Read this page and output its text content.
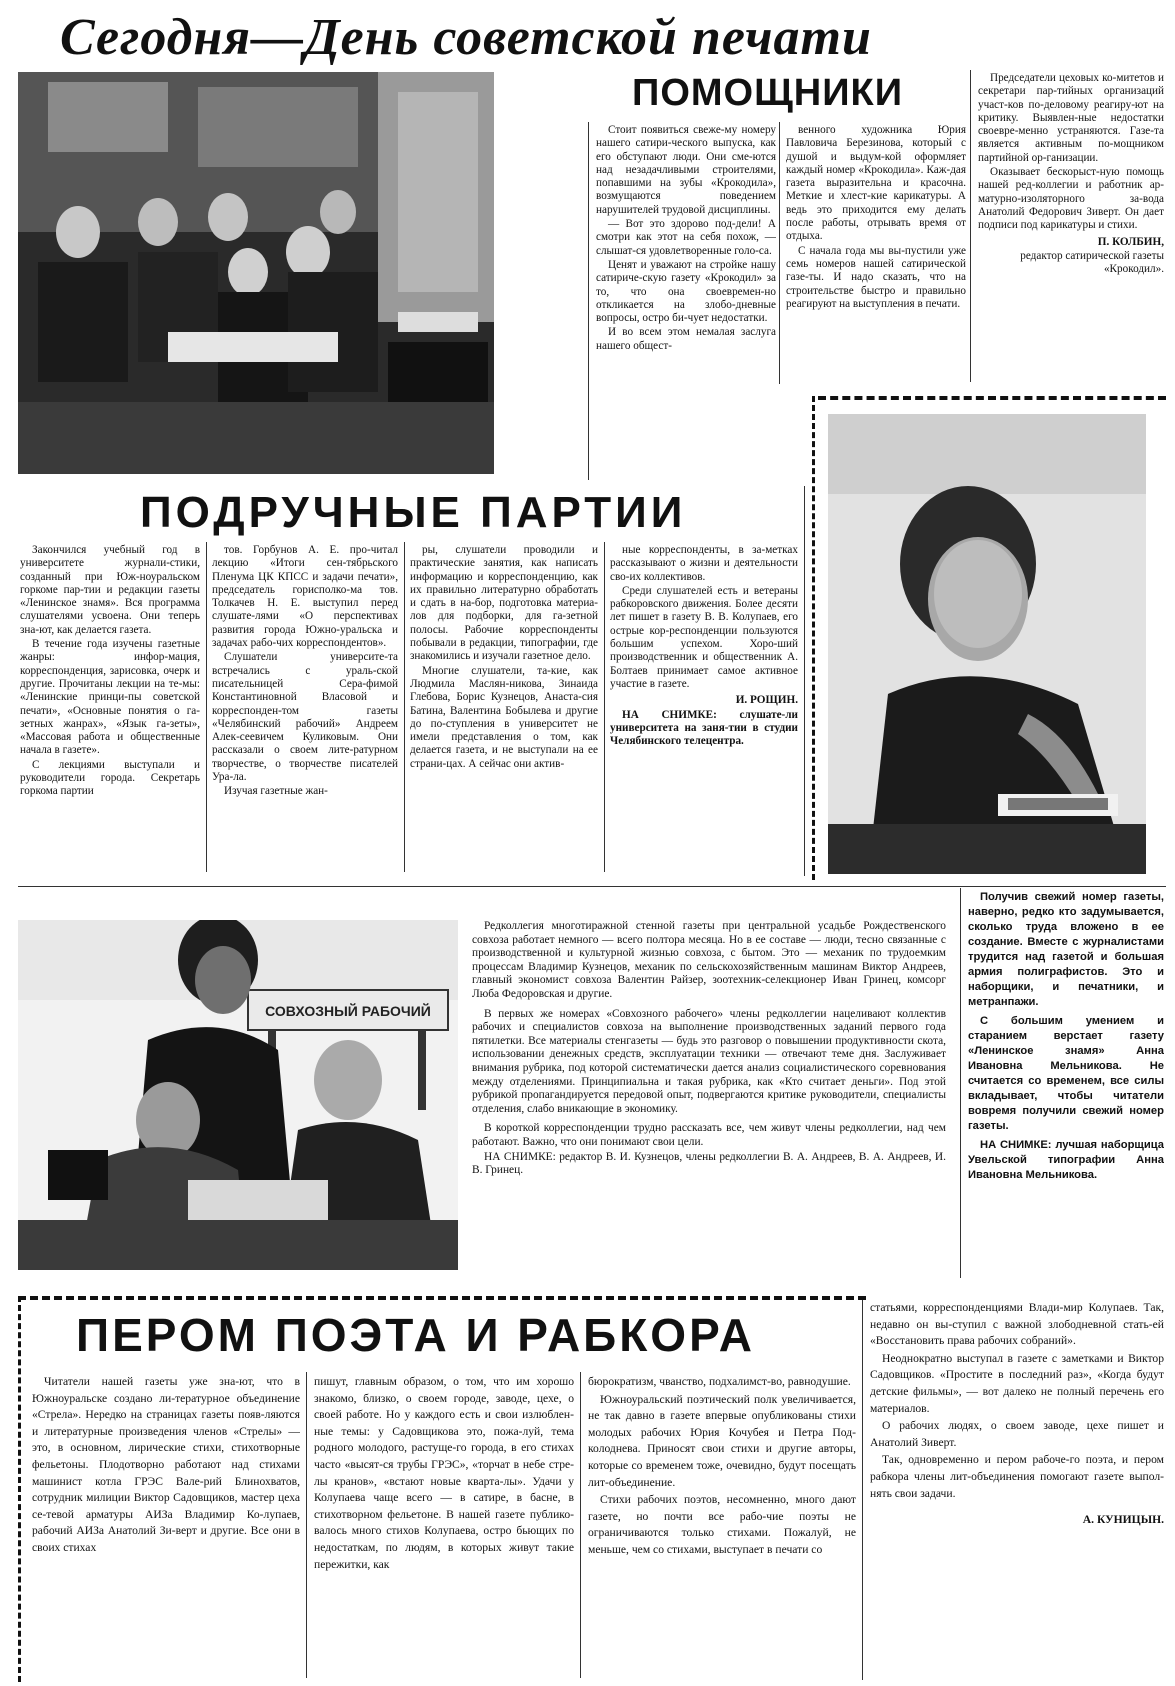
Сегодня—День советской печати
ПОМОЩНИКИ

Стоит появиться свеже-му номеру нашего сатири-ческого выпуска, как его обступают люди. Они сме-ются над незадачливыми строителями, попавшими на зубы «Крокодила», возмущаются поведением нарушителей трудовой дисциплины.

— Вот это здорово под-дели! А смотри как этот на себя похож, — слышат-ся удовлетворенные голо-са.

Ценят и уважают на стройке нашу сатириче-скую газету «Крокодил» за то, что она своевремен-но откликается на злобо-дневные вопросы, остро би-чует недостатки.

И во всем этом немалая заслуга нашего общест-

венного художника Юрия Павловича Березинова, который с душой и выдум-кой оформляет каждый номер «Крокодила». Каж-дая газета выразительна и красочна. Меткие и хлест-кие карикатуры. А ведь это приходится ему делать после работы, отрывать время от отдыха.

С начала года мы вы-пустили уже семь номеров нашей сатирической газе-ты. И надо сказать, что на строительстве быстро и правильно реагируют на выступления в печати.

Председатели цеховых ко-митетов и секретари пар-тийных организаций участ-ков по-деловому реагиру-ют на критику. Выявлен-ные недостатки своевре-менно устраняются. Газе-та является активным по-мощником партийной ор-ганизации.

Оказывает бескорыст-ную помощь нашей ред-коллегии и работник ар-матурно-изоляторного за-вода Анатолий Федорович Зиверт. Он дает подписи под карикатуры и стихи.

П. КОЛБИН,

редактор сатирической газеты «Крокодил».

ПОДРУЧНЫЕ ПАРТИИ

Закончился учебный год в университете журнали-стики, созданный при Юж-ноуральском горкоме пар-тии и редакции газеты «Ленинское знамя». Вся программа слушателями усвоена. Они теперь зна-ют, как делается газета.

В течение года изучены газетные жанры: инфор-мация, корреспонденция, зарисовка, очерк и другие. Прочитаны лекции на те-мы: «Ленинские принци-пы советской печати», «Основные понятия о га-зетных жанрах», «Язык га-зеты», «Массовая работа и общественные начала в газете».

С лекциями выступали и руководители города. Секретарь горкома партии

тов. Горбунов А. Е. про-читал лекцию «Итоги сен-тябрьского Пленума ЦК КПСС и задачи печати», председатель горисполко-ма тов. Толкачев Н. Е. выступил перед слушате-лями «О перспективах развития города Южно-уральска и задачах рабо-чих корреспондентов».

Слушатели университе-та встречались с ураль-ской писательницей Сера-фимой Константиновной Власовой и корреспонден-том газеты «Челябинский рабочий» Андреем Алек-сеевичем Куликовым. Они рассказали о своем лите-ратурном творчестве, о творчестве писателей Ура-ла.

Изучая газетные жан-

ры, слушатели проводили и практические занятия, как написать информацию и корреспонденцию, как их правильно литературно обработать и сдать в на-бор, подготовка материа-лов для подборки, для га-зетной полосы. Рабочие корреспонденты побывали в редакции, типографии, где знакомились и изучали газетное дело.

Многие слушатели, та-кие, как Людмила Маслян-никова, Зинаида Глебова, Борис Кузнецов, Анаста-сия Батина, Валентина Бобылева и другие до по-ступления в университет не имели представления о том, как делается газета, и не выступали на ее страни-цах. А сейчас они актив-

ные корреспонденты, в за-метках рассказывают о жизни и деятельности сво-их коллективов.

Среди слушателей есть и ветераны рабкоровского движения. Более десяти лет пишет в газету В. В. Колупаев, его острые кор-респонденции пользуются большим успехом. Хоро-ший производственник и общественник А. Болтаев принимает самое активное участие в газете.

И. РОЩИН.

НА СНИМКЕ: слушате-ли университета на заня-тии в студии Челябинского телецентра.

СОВХОЗНЫЙ РАБОЧИЙ

Редколлегия многотиражной стенной газеты при центральной усадьбе Рождественского совхоза работает немного — всего полтора месяца. Но в ее составе — люди, тесно связанные с производственной и культурной жизнью совхоза, с бытом. Это — механик по трудоемким процессам Владимир Кузнецов, механик по сельскохозяйственным машинам Виктор Андреев, главный экономист совхоза Валентин Райзер, зоотехник-селекционер Иван Гринец, комсорг Люба Федоровская и другие.

В первых же номерах «Совхозного рабочего» члены редколлегии нацеливают коллектив рабочих и специалистов совхоза на выполнение производственных заданий первого года пятилетки. Все материалы стенгазеты — будь это разговор о повышении продуктивности скота, использовании денежных средств, эксплуатации техники — отвечают теме дня. Заслуживает внимания рубрика, под которой систематически дается анализ социалистического соревнования между отделениями. Принципиальна и такая рубрика, как «Кто считает деньги». Под этой рубрикой пропагандируется передовой опыт, подвергаются критике руководители, специалисты отделения, слабо вникающие в экономику.

В короткой корреспонденции трудно рассказать все, чем живут члены редколлегии, над чем работают. Важно, что они понимают свои цели.

НА СНИМКЕ: редактор В. И. Кузнецов, члены редколлегии В. А. Андреев, В. А. Андреев, И. В. Гринец.

Получив свежий номер газеты, наверно, редко кто задумывается, сколько труда вложено в ее создание. Вместе с журналистами трудится над газетой и большая армия полиграфистов. Это и наборщики, и печатники, и метранпажи.

С большим умением и старанием верстает газету «Ленинское знамя» Анна Ивановна Мельникова. Не считается со временем, все силы вкладывает, чтобы читатели вовремя получили свежий номер газеты.

НА СНИМКЕ: лучшая наборщица Увельской типографии Анна Ивановна Мельникова.

ПЕРОМ ПОЭТА И РАБКОРА

Читатели нашей газеты уже зна-ют, что в Южноуральске создано ли-тературное объединение «Стрела». Нередко на страницах газеты появ-ляются и литературные произведения членов «Стрелы» — это, в основном, лирические стихи, стихотворные фельетоны. Плодотворно работают над стихами машинист котла ГРЭС Вале-рий Блинохватов, сотрудник милиции Виктор Садовщиков, мастер цеха се-тевой арматуры АИЗа Владимир Ко-лупаев, рабочий АИЗа Анатолий Зи-верт и другие. Все они в своих стихах

пишут, главным образом, о том, что им хорошо знакомо, близко, о своем городе, заводе, цехе, о своей работе. Но у каждого есть и свои излюблен-ные темы: у Садовщикова это, пожа-луй, тема родного молодого, растуще-го города, в его стихах часто «высят-ся трубы ГРЭС», «торчат в небе стре-лы кранов», «встают новые кварта-лы». Удачи у Колупаева чаще всего — в сатире, в басне, в стихотворном фельетоне. В нашей газете публико-валось много стихов Колупаева, остро бьющих по недостаткам, по людям, в которых живут такие пережитки, как

бюрократизм, чванство, подхалимст-во, равнодушие.

Южноуральский поэтический полк увеличивается, не так давно в газете впервые опубликованы стихи молодых рабочих Юрия Кочубея и Петра Под-колоднева. Приносят свои стихи и другие авторы, которые со временем тоже, очевидно, будут посещать лит-объединение.

Стихи рабочих поэтов, несомненно, много дают газете, но почти все рабо-чие поэты не ограничиваются только стихами. Пожалуй, не меньше, чем со стихами, выступает в печати со

статьями, корреспонденциями Влади-мир Колупаев. Так, недавно он вы-ступил с важной злободневной стать-ей «Восстановить права рабочих собраний».

Неоднократно выступал в газете с заметками и Виктор Садовщиков. «Простите в последний раз», «Когда будут детские фильмы», — вот далеко не полный перечень его материалов.

О рабочих людях, о своем заводе, цехе пишет и Анатолий Зиверт.

Так, одновременно и пером рабоче-го поэта, и пером рабкора члены лит-объединения помогают газете выпол-нять свои задачи.

А. КУНИЦЫН.
